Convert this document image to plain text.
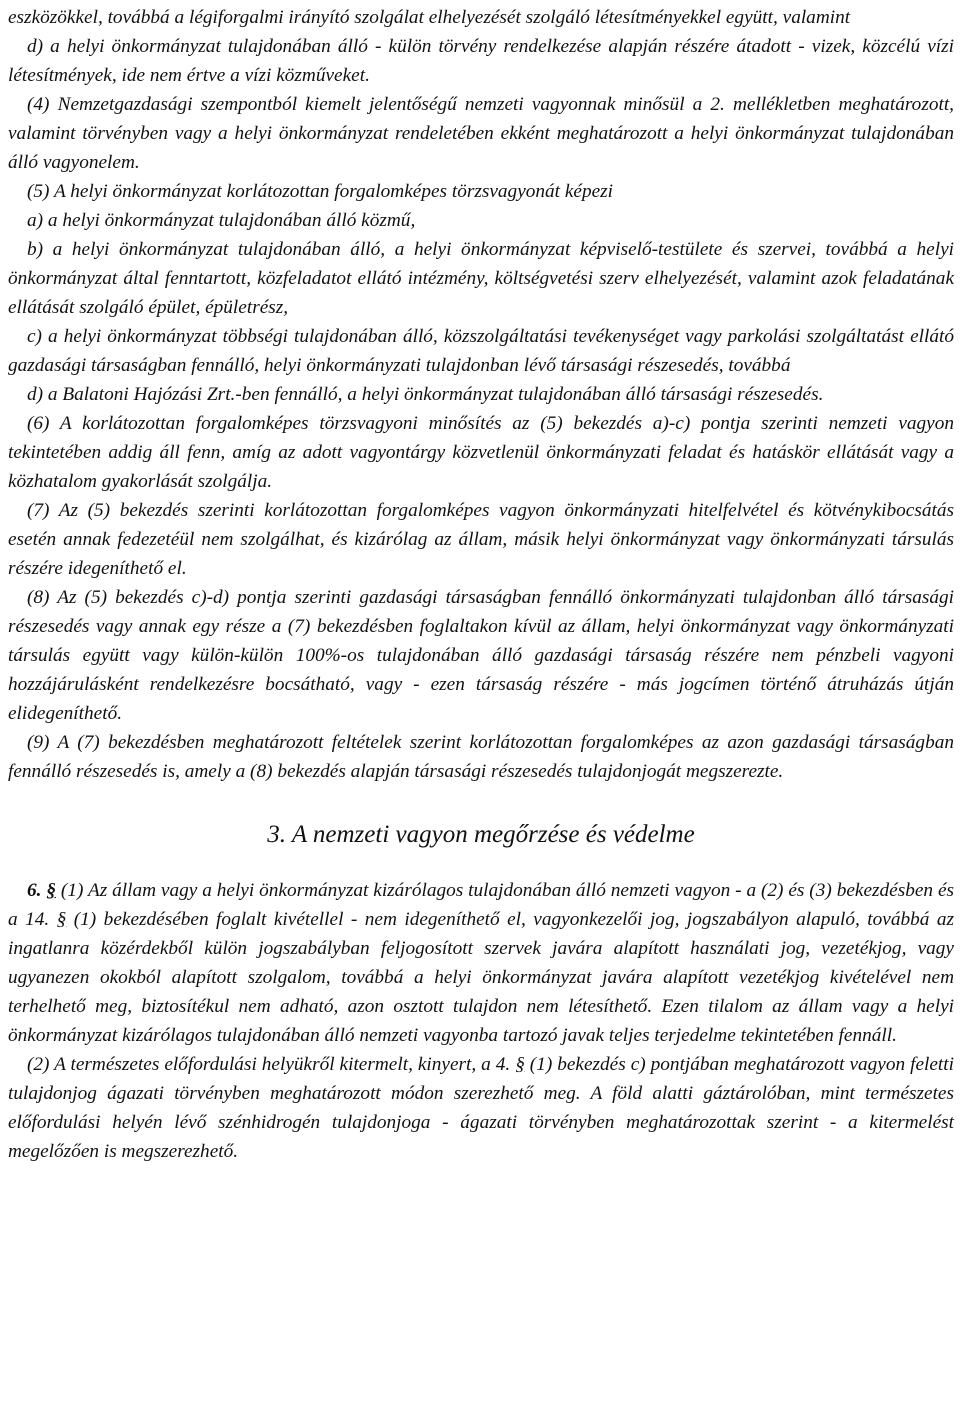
eszközökkel, továbbá a légiforgalmi irányító szolgálat elhelyezését szolgáló létesítményekkel együtt, valamint

d) a helyi önkormányzat tulajdonában álló - külön törvény rendelkezése alapján részére átadott - vizek, közcélú vízi létesítmények, ide nem értve a vízi közműveket.

(4) Nemzetgazdasági szempontból kiemelt jelentőségű nemzeti vagyonnak minősül a 2. mellékletben meghatározott, valamint törvényben vagy a helyi önkormányzat rendeletében ekként meghatározott a helyi önkormányzat tulajdonában álló vagyonelem.

(5) A helyi önkormányzat korlátozottan forgalomképes törzsvagyonát képezi

a) a helyi önkormányzat tulajdonában álló közmű,

b) a helyi önkormányzat tulajdonában álló, a helyi önkormányzat képviselő-testülete és szervei, továbbá a helyi önkormányzat által fenntartott, közfeladatot ellátó intézmény, költségvetési szerv elhelyezését, valamint azok feladatának ellátását szolgáló épület, épületrész,

c) a helyi önkormányzat többségi tulajdonában álló, közszolgáltatási tevékenységet vagy parkolási szolgáltatást ellátó gazdasági társaságban fennálló, helyi önkormányzati tulajdonban lévő társasági részesedés, továbbá

d) a Balatoni Hajózási Zrt.-ben fennálló, a helyi önkormányzat tulajdonában álló társasági részesedés.

(6) A korlátozottan forgalomképes törzsvagyoni minősítés az (5) bekezdés a)-c) pontja szerinti nemzeti vagyon tekintetében addig áll fenn, amíg az adott vagyontárgy közvetlenül önkormányzati feladat és hatáskör ellátását vagy a közhatalom gyakorlását szolgálja.

(7) Az (5) bekezdés szerinti korlátozottan forgalomképes vagyon önkormányzati hitelfelvétel és kötvénykibocsátás esetén annak fedezetéül nem szolgálhat, és kizárólag az állam, másik helyi önkormányzat vagy önkormányzati társulás részére idegeníthető el.

(8) Az (5) bekezdés c)-d) pontja szerinti gazdasági társaságban fennálló önkormányzati tulajdonban álló társasági részesedés vagy annak egy része a (7) bekezdésben foglaltakon kívül az állam, helyi önkormányzat vagy önkormányzati társulás együtt vagy külön-külön 100%-os tulajdonában álló gazdasági társaság részére nem pénzbeli vagyoni hozzájárulásként rendelkezésre bocsátható, vagy - ezen társaság részére - más jogcímen történő átruházás útján elidegeníthető.

(9) A (7) bekezdésben meghatározott feltételek szerint korlátozottan forgalomképes az azon gazdasági társaságban fennálló részesedés is, amely a (8) bekezdés alapján társasági részesedés tulajdonjogát megszerezte.

3. A nemzeti vagyon megőrzése és védelme

6. § (1) Az állam vagy a helyi önkormányzat kizárólagos tulajdonában álló nemzeti vagyon - a (2) és (3) bekezdésben és a 14. § (1) bekezdésében foglalt kivétellel - nem idegeníthető el, vagyonkezelői jog, jogszabályon alapuló, továbbá az ingatlanra közérdekből külön jogszabályban feljogosított szervek javára alapított használati jog, vezetékjog, vagy ugyanezen okokból alapított szolgalom, továbbá a helyi önkormányzat javára alapított vezetékjog kivételével nem terhelhető meg, biztosítékul nem adható, azon osztott tulajdon nem létesíthető. Ezen tilalom az állam vagy a helyi önkormányzat kizárólagos tulajdonában álló nemzeti vagyonba tartozó javak teljes terjedelme tekintetében fennáll.

(2) A természetes előfordulási helyükről kitermelt, kinyert, a 4. § (1) bekezdés c) pontjában meghatározott vagyon feletti tulajdonjog ágazati törvényben meghatározott módon szerezhető meg. A föld alatti gáztárolóban, mint természetes előfordulási helyén lévő szénhidrogén tulajdonjoga - ágazati törvényben meghatározottak szerint - a kitermelést megelőzően is megszerezhető.
